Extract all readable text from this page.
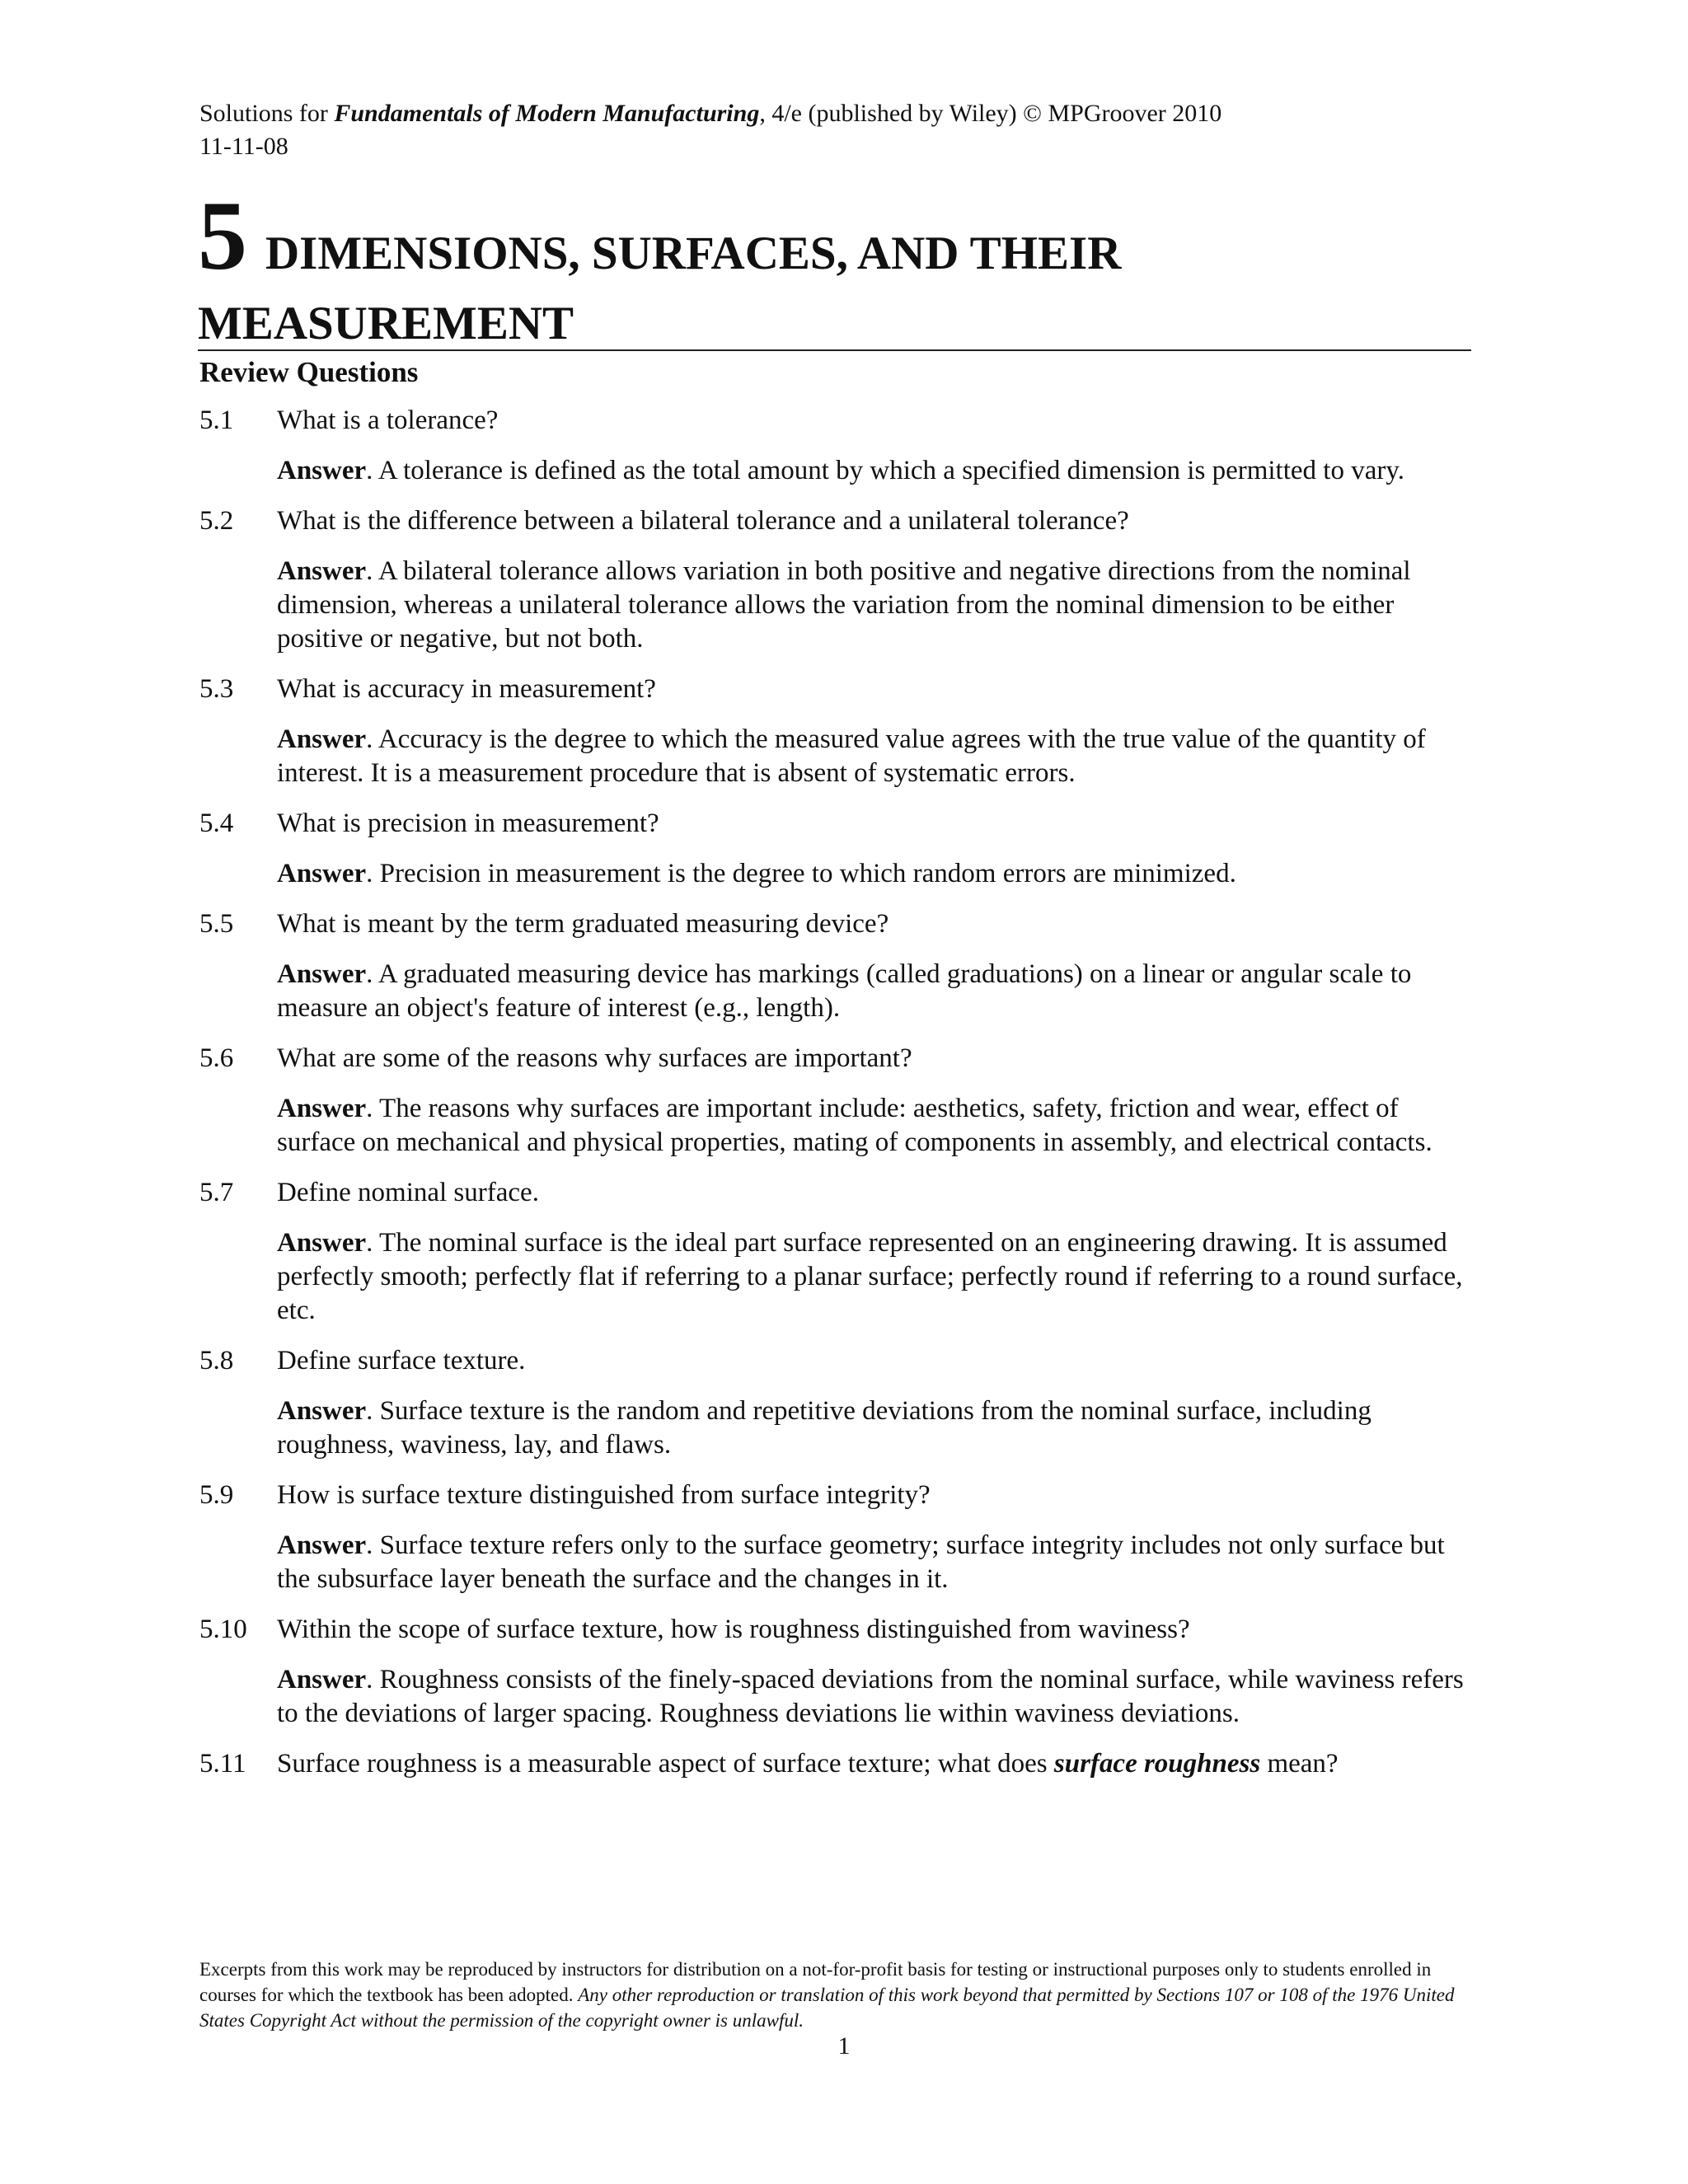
Solutions for Fundamentals of Modern Manufacturing, 4/e (published by Wiley) © MPGroover 2010
11-11-08
5 DIMENSIONS, SURFACES, AND THEIR
MEASUREMENT
Review Questions
5.1	What is a tolerance?
Answer. A tolerance is defined as the total amount by which a specified dimension is permitted to vary.
5.2	What is the difference between a bilateral tolerance and a unilateral tolerance?
Answer. A bilateral tolerance allows variation in both positive and negative directions from the nominal dimension, whereas a unilateral tolerance allows the variation from the nominal dimension to be either positive or negative, but not both.
5.3	What is accuracy in measurement?
Answer. Accuracy is the degree to which the measured value agrees with the true value of the quantity of interest. It is a measurement procedure that is absent of systematic errors.
5.4	What is precision in measurement?
Answer. Precision in measurement is the degree to which random errors are minimized.
5.5	What is meant by the term graduated measuring device?
Answer. A graduated measuring device has markings (called graduations) on a linear or angular scale to measure an object's feature of interest (e.g., length).
5.6	What are some of the reasons why surfaces are important?
Answer. The reasons why surfaces are important include: aesthetics, safety, friction and wear, effect of surface on mechanical and physical properties, mating of components in assembly, and electrical contacts.
5.7	Define nominal surface.
Answer. The nominal surface is the ideal part surface represented on an engineering drawing. It is assumed perfectly smooth; perfectly flat if referring to a planar surface; perfectly round if referring to a round surface, etc.
5.8	Define surface texture.
Answer. Surface texture is the random and repetitive deviations from the nominal surface, including roughness, waviness, lay, and flaws.
5.9	How is surface texture distinguished from surface integrity?
Answer. Surface texture refers only to the surface geometry; surface integrity includes not only surface but the subsurface layer beneath the surface and the changes in it.
5.10	Within the scope of surface texture, how is roughness distinguished from waviness?
Answer. Roughness consists of the finely-spaced deviations from the nominal surface, while waviness refers to the deviations of larger spacing. Roughness deviations lie within waviness deviations.
5.11	Surface roughness is a measurable aspect of surface texture; what does surface roughness mean?
Excerpts from this work may be reproduced by instructors for distribution on a not-for-profit basis for testing or instructional purposes only to students enrolled in courses for which the textbook has been adopted. Any other reproduction or translation of this work beyond that permitted by Sections 107 or 108 of the 1976 United States Copyright Act without the permission of the copyright owner is unlawful.
1
